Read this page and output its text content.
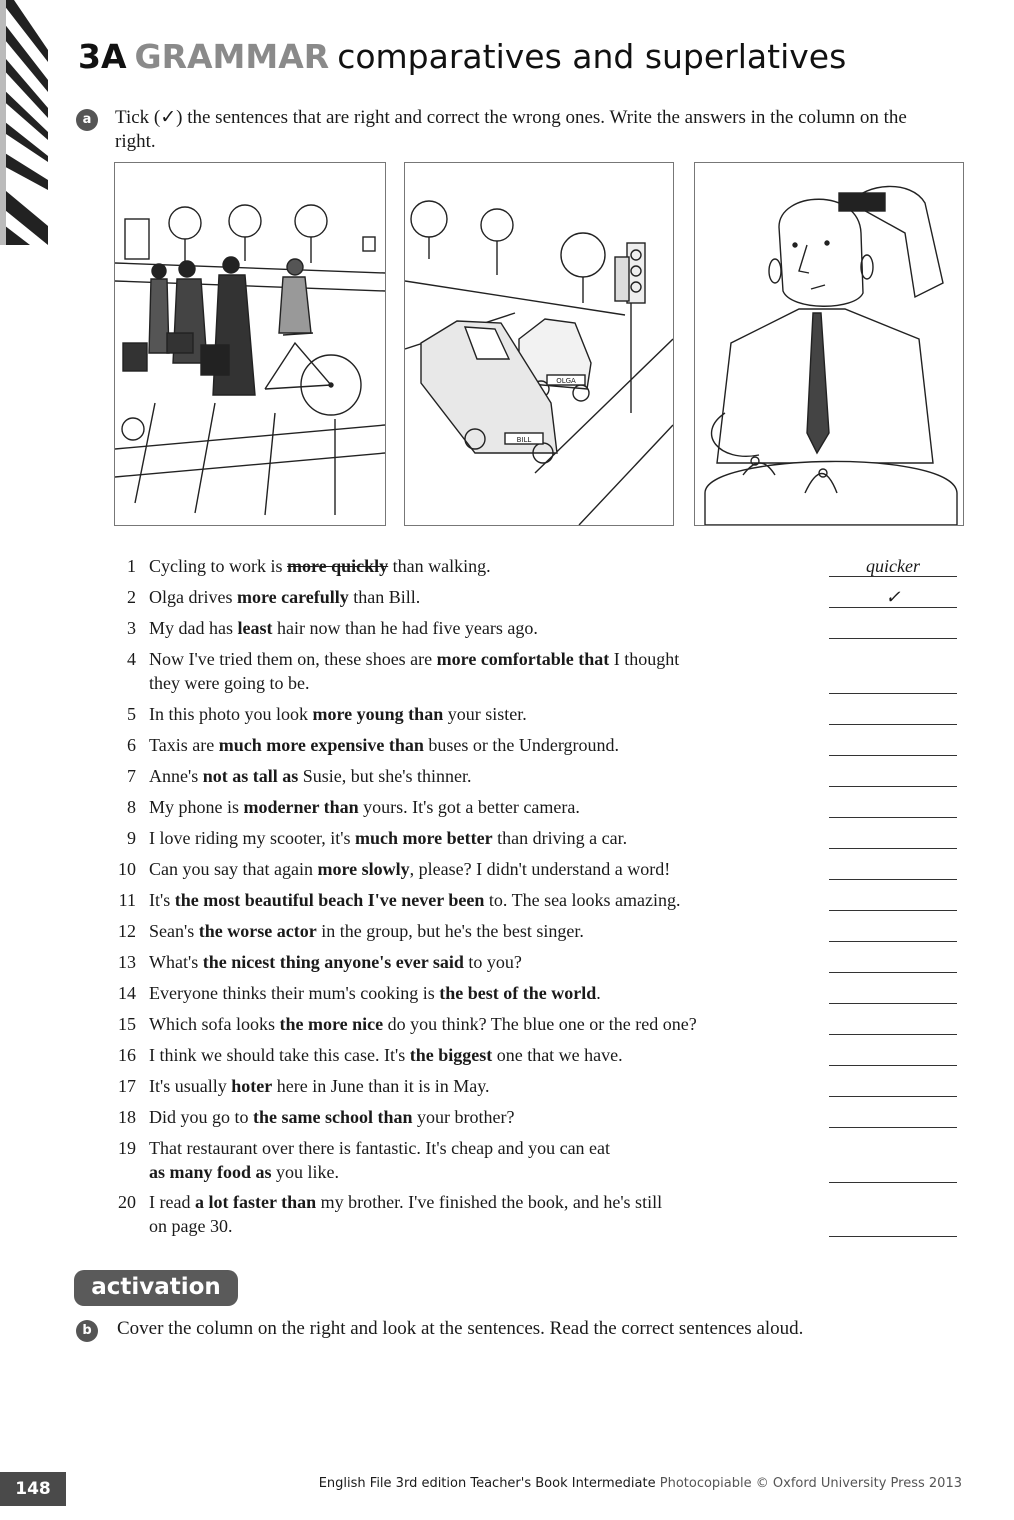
3A GRAMMAR comparatives and superlatives
a	Tick (✓) the sentences that are right and correct the wrong ones. Write the answers in the column on the right.
OLGA
BILL
1 Cycling to work is more quickly than walking.	quicker
2 Olga drives more carefully than Bill.	✓
3 My dad has least hair now than he had five years ago.
4 Now I've tried them on, these shoes are more comfortable that I thought
they were going to be.
5 In this photo you look more young than your sister.
6 Taxis are much more expensive than buses or the Underground.
7 Anne's not as tall as Susie, but she's thinner.
8 My phone is moderner than yours. It's got a better camera.
9 I love riding my scooter, it's much more better than driving a car.
10 Can you say that again more slowly, please? I didn't understand a word!
11 It's the most beautiful beach I've never been to. The sea looks amazing.
12 Sean's the worse actor in the group, but he's the best singer.
13 What's the nicest thing anyone's ever said to you?
14 Everyone thinks their mum's cooking is the best of the world.
15 Which sofa looks the more nice do you think? The blue one or the red one?
16 I think we should take this case. It's the biggest one that we have.
17 It's usually hoter here in June than it is in May.
18 Did you go to the same school than your brother?
19 That restaurant over there is fantastic. It's cheap and you can eat
as many food as you like.
20 I read a lot faster than my brother. I've finished the book, and he's still
on page 30.
activation
b	Cover the column on the right and look at the sentences. Read the correct sentences aloud.
148	English File 3rd edition Teacher's Book Intermediate Photocopiable © Oxford University Press 2013
